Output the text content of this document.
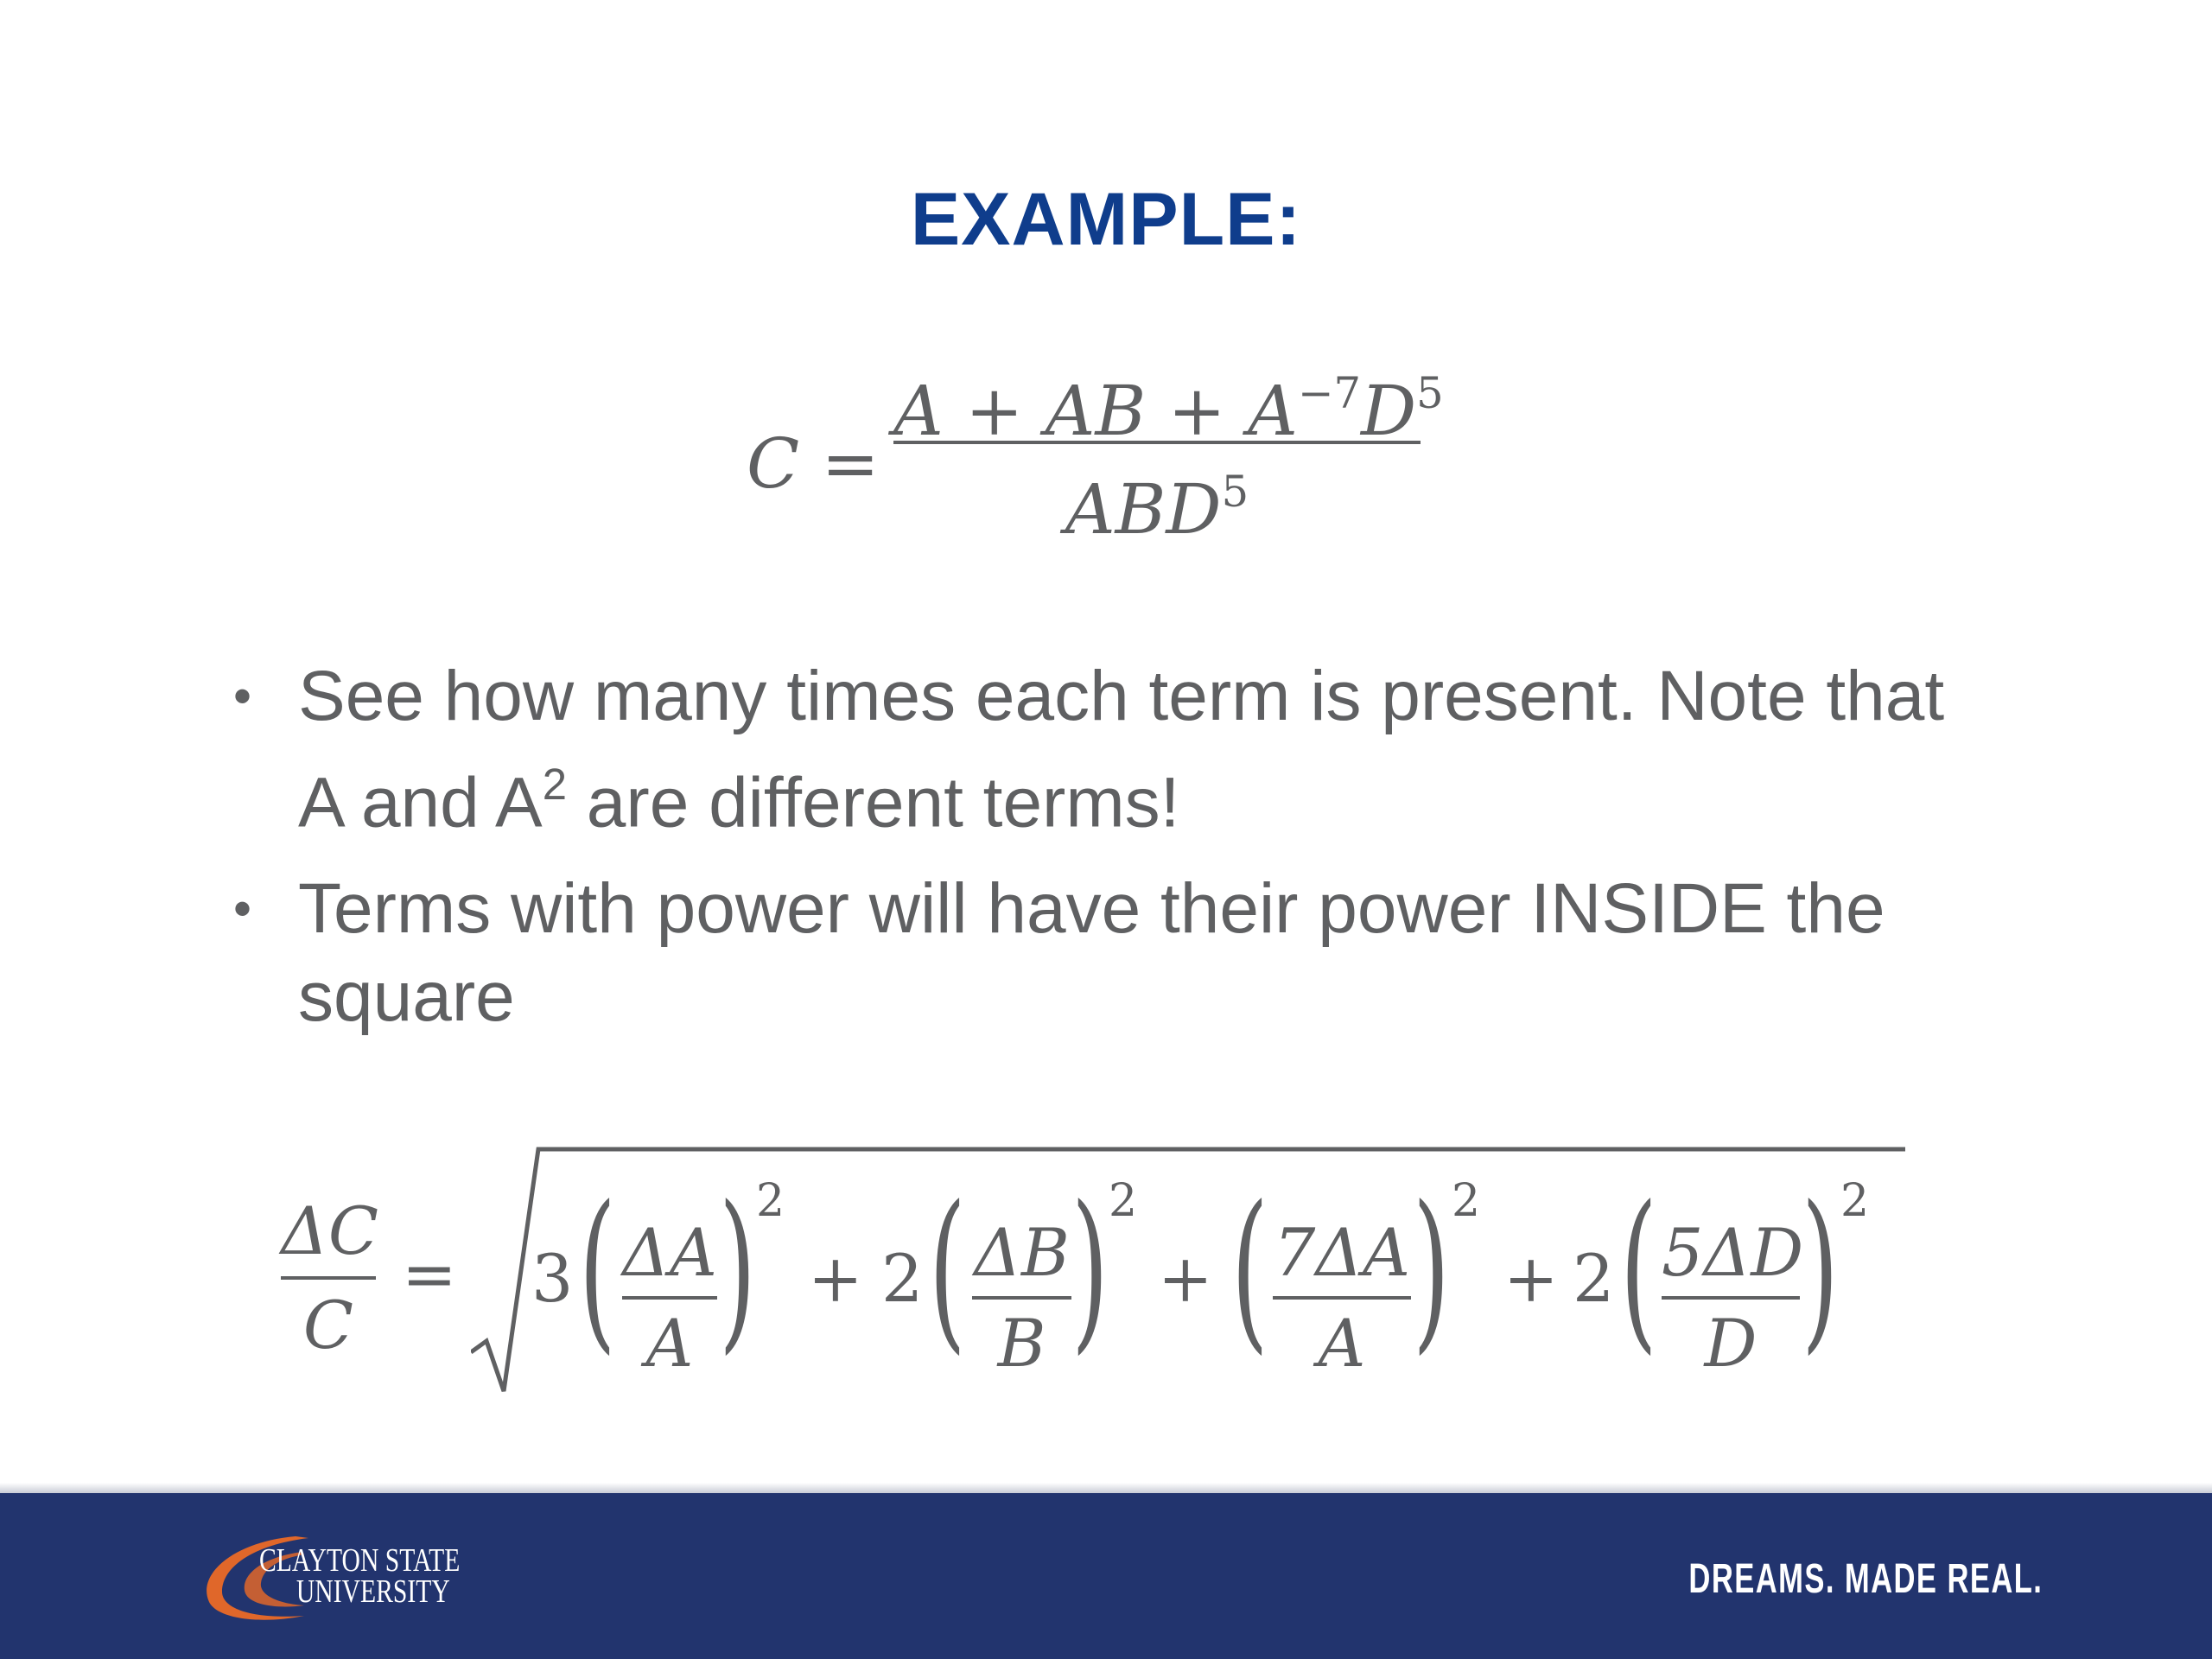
EXAMPLE:
C =
A + AB + $A^{-7}D^5$
ABD$^5$
• See how many times each term is present. Note that A and $A^2$ are different terms!
• Terms with power will have their power INSIDE the square
ΔC
C
= 3 ( ΔA
A ) 2
+ 2 ( ΔB
B ) 2
+ ( 7ΔA
A ) 2
+ 2 ( 5ΔD
D ) 2
CLAYTON STATE
UNIVERSITY	DREAMS. MADE REAL.
